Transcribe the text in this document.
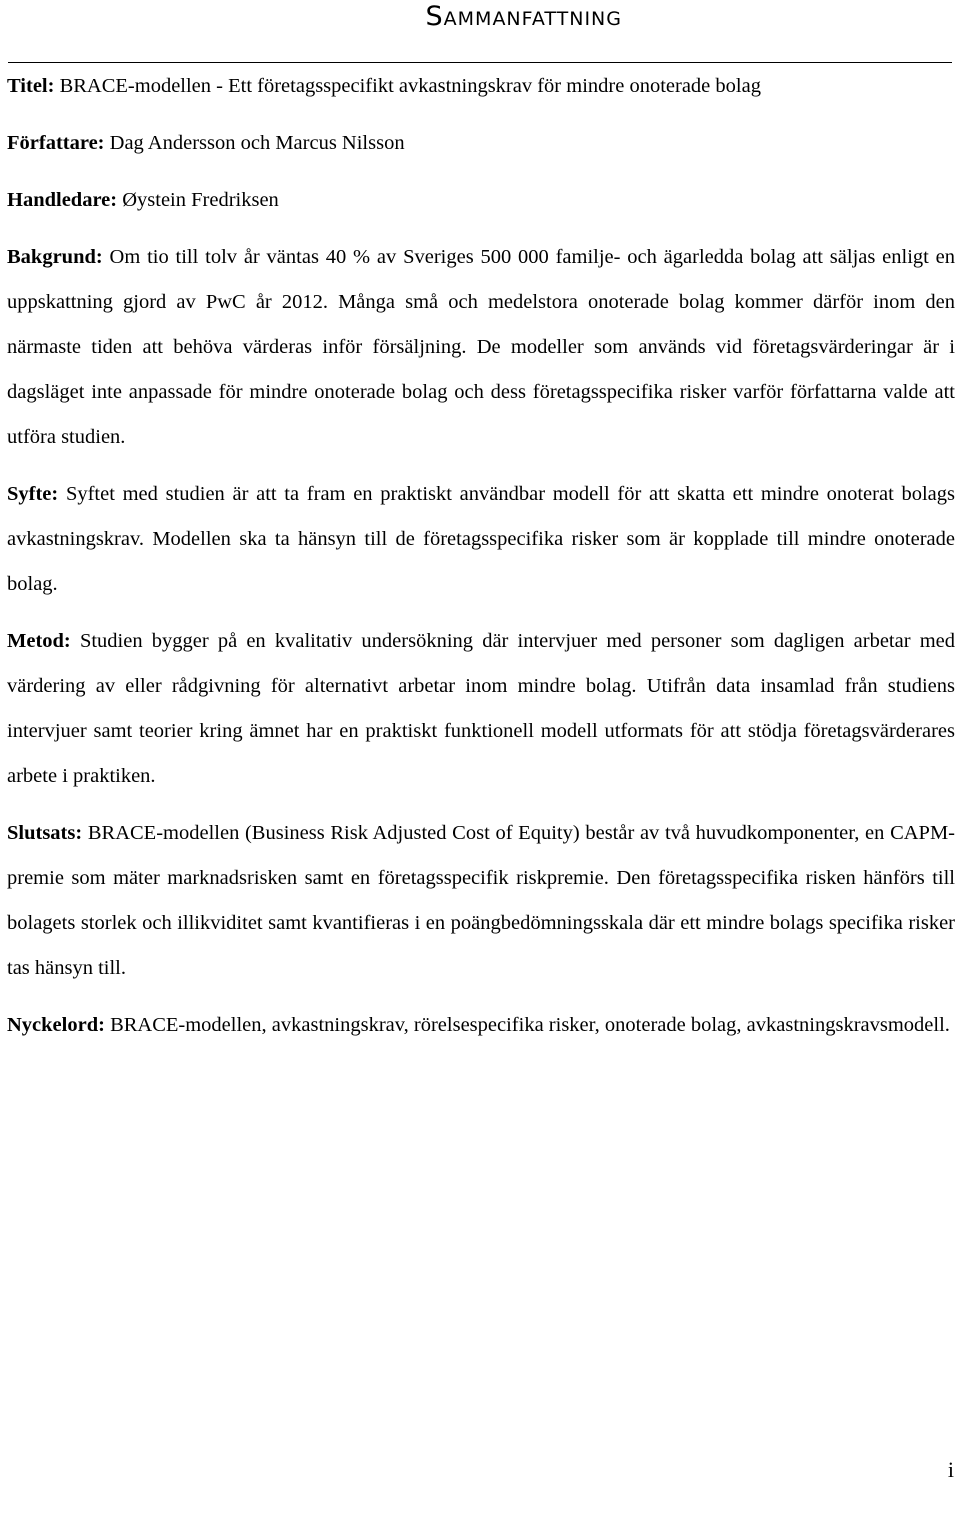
Sammanfattning

Titel: BRACE-modellen - Ett företagsspecifikt avkastningskrav för mindre onoterade bolag

Författare: Dag Andersson och Marcus Nilsson

Handledare: Øystein Fredriksen

Bakgrund: Om tio till tolv år väntas 40 % av Sveriges 500 000 familje- och ägarledda bolag att säljas enligt en uppskattning gjord av PwC år 2012. Många små och medelstora onoterade bolag kommer därför inom den närmaste tiden att behöva värderas inför försäljning. De modeller som används vid företagsvärderingar är i dagsläget inte anpassade för mindre onoterade bolag och dess företagsspecifika risker varför författarna valde att utföra studien.

Syfte: Syftet med studien är att ta fram en praktiskt användbar modell för att skatta ett mindre onoterat bolags avkastningskrav. Modellen ska ta hänsyn till de företagsspecifika risker som är kopplade till mindre onoterade bolag.

Metod: Studien bygger på en kvalitativ undersökning där intervjuer med personer som dagligen arbetar med värdering av eller rådgivning för alternativt arbetar inom mindre bolag. Utifrån data insamlad från studiens intervjuer samt teorier kring ämnet har en praktiskt funktionell modell utformats för att stödja företagsvärderares arbete i praktiken.

Slutsats: BRACE-modellen (Business Risk Adjusted Cost of Equity) består av två huvudkomponenter, en CAPM-premie som mäter marknadsrisken samt en företagsspecifik riskpremie. Den företagsspecifika risken hänförs till bolagets storlek och illikviditet samt kvantifieras i en poängbedömningsskala där ett mindre bolags specifika risker tas hänsyn till.

Nyckelord: BRACE-modellen, avkastningskrav, rörelsespecifika risker, onoterade bolag, avkastningskravsmodell.

i
